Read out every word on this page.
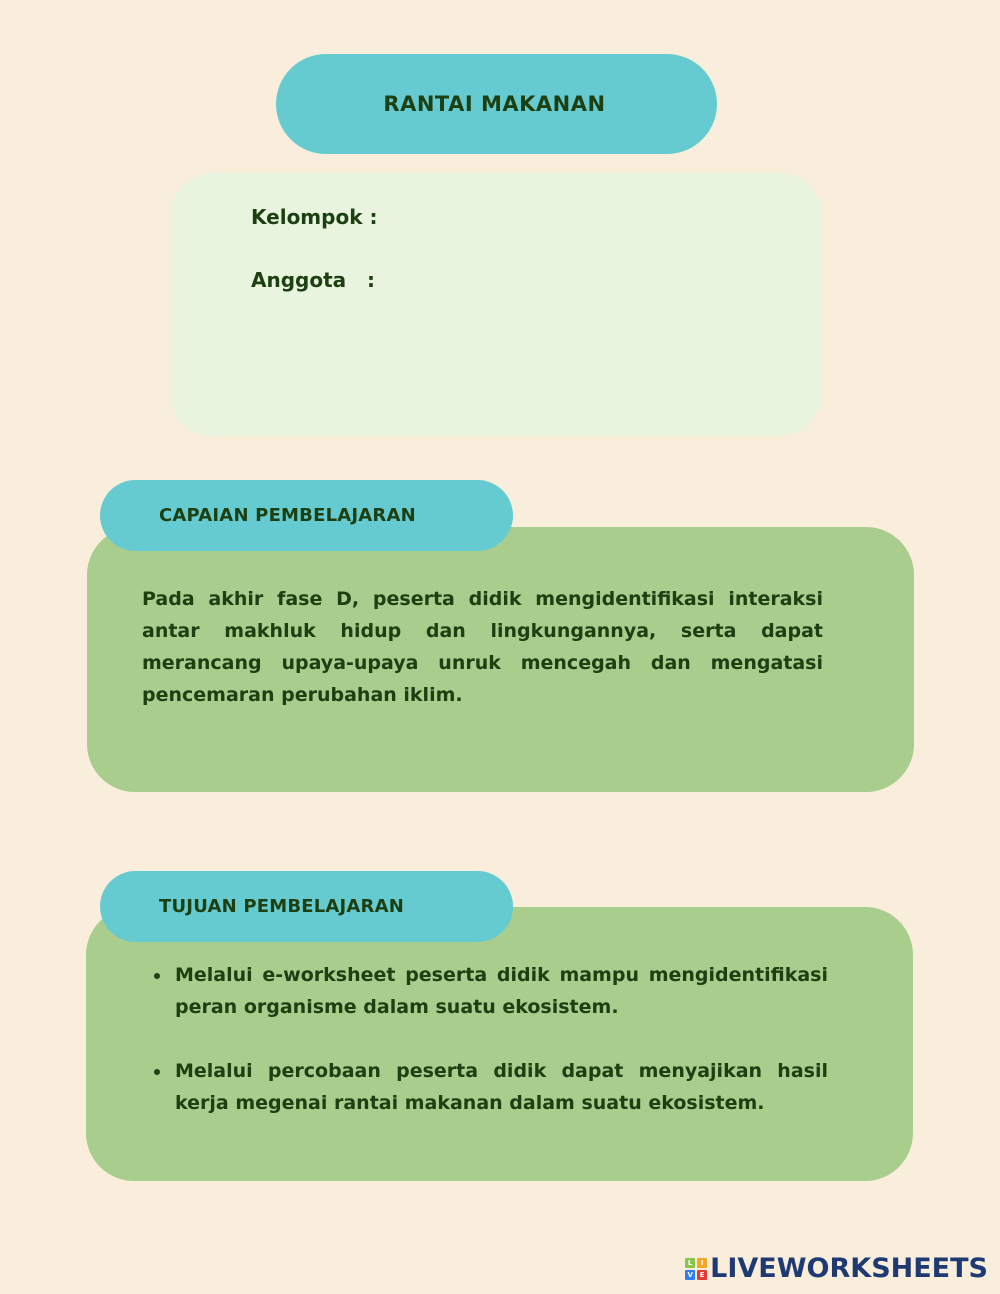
RANTAI MAKANAN
Kelompok :
Anggota :

Pada akhir fase D, peserta didik mengidentifikasi interaksi antar makhluk hidup dan lingkungannya, serta dapat merancang upaya-upaya unruk mencegah dan mengatasi pencemaran perubahan iklim.

CAPAIAN PEMBELAJARAN
Melalui e-worksheet peserta didik mampu mengidentifikasi peran organisme dalam suatu ekosistem.
Melalui percobaan peserta didik dapat menyajikan hasil kerja megenai rantai makanan dalam suatu ekosistem.
TUJUAN PEMBELAJARAN
L	I
V E LIVEWORKSHEETS
